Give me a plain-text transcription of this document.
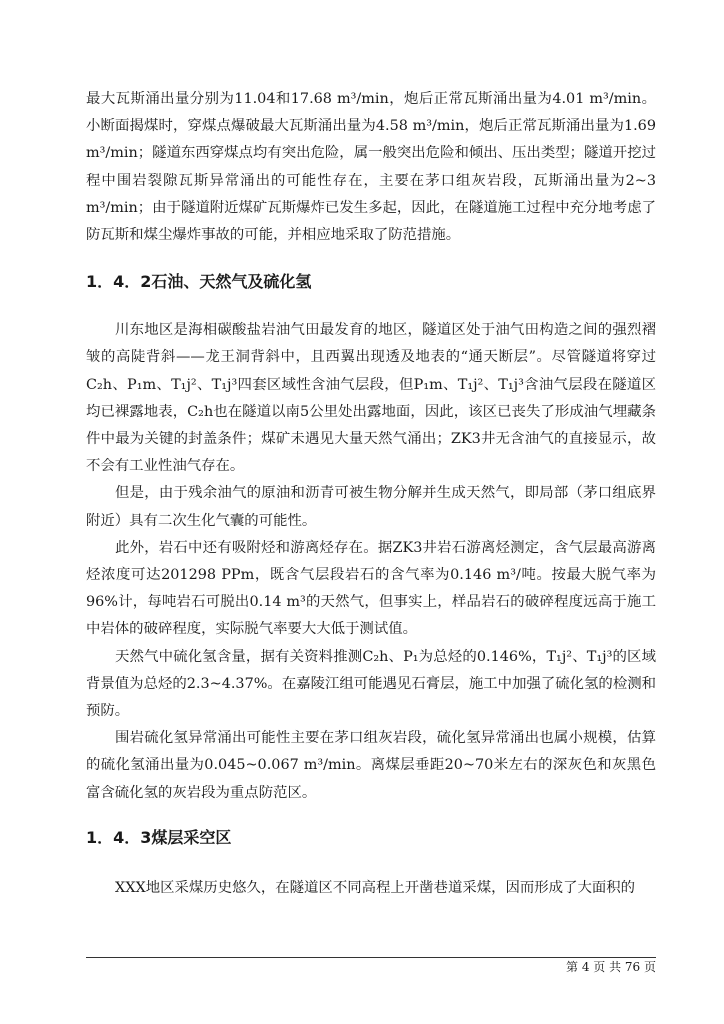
最大瓦斯涌出量分别为11.04和17.68 m³/min，炮后正常瓦斯涌出量为4.01 m³/min。小断面揭煤时，穿煤点爆破最大瓦斯涌出量为4.58 m³/min，炮后正常瓦斯涌出量为1.69 m³/min；隧道东西穿煤点均有突出危险，属一般突出危险和倾出、压出类型；隧道开挖过程中围岩裂隙瓦斯异常涌出的可能性存在，主要在茅口组灰岩段，瓦斯涌出量为2~3 m³/min；由于隧道附近煤矿瓦斯爆炸已发生多起，因此，在隧道施工过程中充分地考虑了防瓦斯和煤尘爆炸事故的可能，并相应地采取了防范措施。

1．4．2石油、天然气及硫化氢

川东地区是海相碳酸盐岩油气田最发育的地区，隧道区处于油气田构造之间的强烈褶皱的高陡背斜——龙王洞背斜中，且西翼出现透及地表的“通天断层”。尽管隧道将穿过C₂h、P₁m、T₁j²、T₁j³四套区域性含油气层段，但P₁m、T₁j²、T₁j³含油气层段在隧道区均已裸露地表，C₂h也在隧道以南5公里处出露地面，因此，该区已丧失了形成油气埋藏条件中最为关键的封盖条件；煤矿未遇见大量天然气涌出；ZK3井无含油气的直接显示，故不会有工业性油气存在。

但是，由于残余油气的原油和沥青可被生物分解并生成天然气，即局部（茅口组底界附近）具有二次生化气囊的可能性。

此外，岩石中还有吸附烃和游离烃存在。据ZK3井岩石游离烃测定，含气层最高游离烃浓度可达201298 PPm，既含气层段岩石的含气率为0.146 m³/吨。按最大脱气率为96%计，每吨岩石可脱出0.14 m³的天然气，但事实上，样品岩石的破碎程度远高于施工中岩体的破碎程度，实际脱气率要大大低于测试值。

天然气中硫化氢含量，据有关资料推测C₂h、P₁为总烃的0.146%，T₁j²、T₁j³的区域背景值为总烃的2.3~4.37%。在嘉陵江组可能遇见石膏层，施工中加强了硫化氢的检测和预防。

围岩硫化氢异常涌出可能性主要在茅口组灰岩段，硫化氢异常涌出也属小规模，估算的硫化氢涌出量为0.045~0.067 m³/min。离煤层垂距20~70米左右的深灰色和灰黑色富含硫化氢的灰岩段为重点防范区。

1．4．3煤层采空区

XXX地区采煤历史悠久，在隧道区不同高程上开凿巷道采煤，因而形成了大面积的

第 4 页 共 76 页
